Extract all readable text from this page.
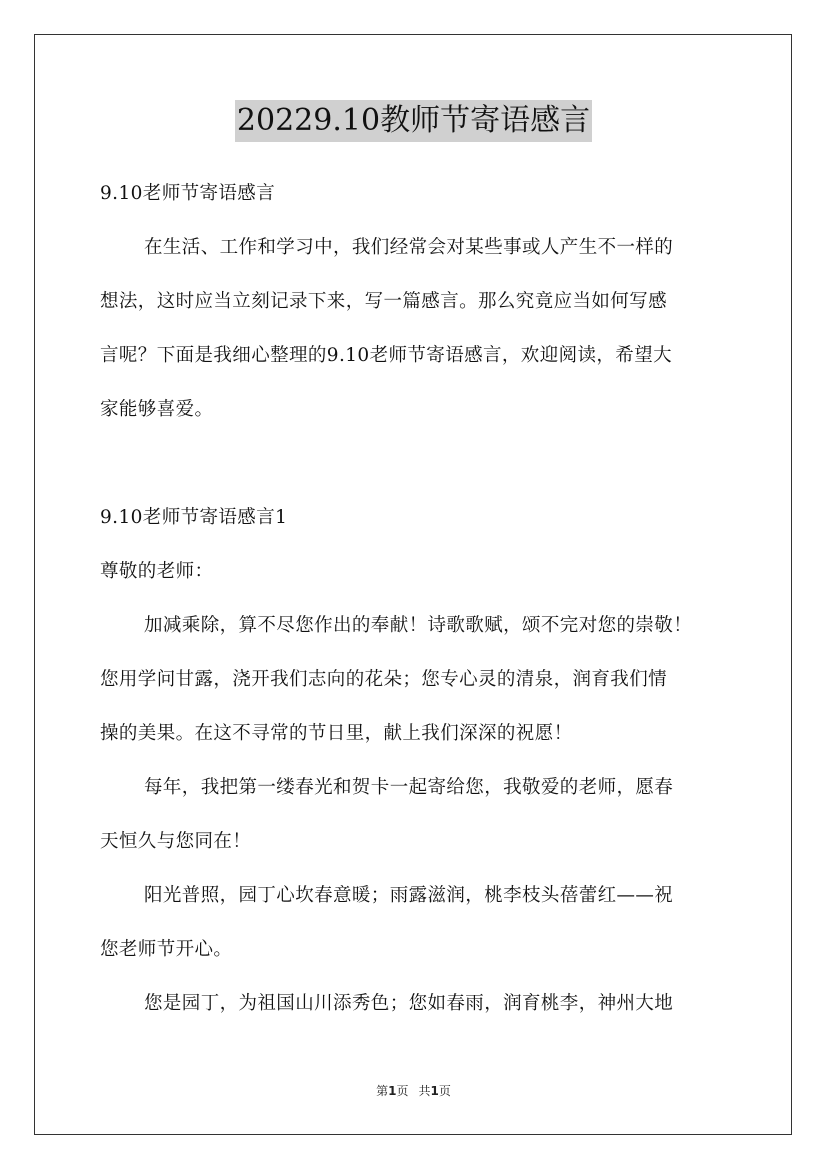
20229.10教师节寄语感言
9.10老师节寄语感言
在生活、工作和学习中，我们经常会对某些事或人产生不一样的
想法，这时应当立刻记录下来，写一篇感言。那么究竟应当如何写感
言呢？下面是我细心整理的9.10老师节寄语感言，欢迎阅读，希望大
家能够喜爱。
9.10老师节寄语感言1
尊敬的老师：
加减乘除，算不尽您作出的奉献！诗歌歌赋，颂不完对您的崇敬！
您用学问甘露，浇开我们志向的花朵；您专心灵的清泉，润育我们情
操的美果。在这不寻常的节日里，献上我们深深的祝愿！
每年，我把第一缕春光和贺卡一起寄给您，我敬爱的老师，愿春
天恒久与您同在！
阳光普照，园丁心坎春意暖；雨露滋润，桃李枝头蓓蕾红——祝
您老师节开心。
您是园丁，为祖国山川添秀色；您如春雨，润育桃李，神州大地
第1页 共1页
